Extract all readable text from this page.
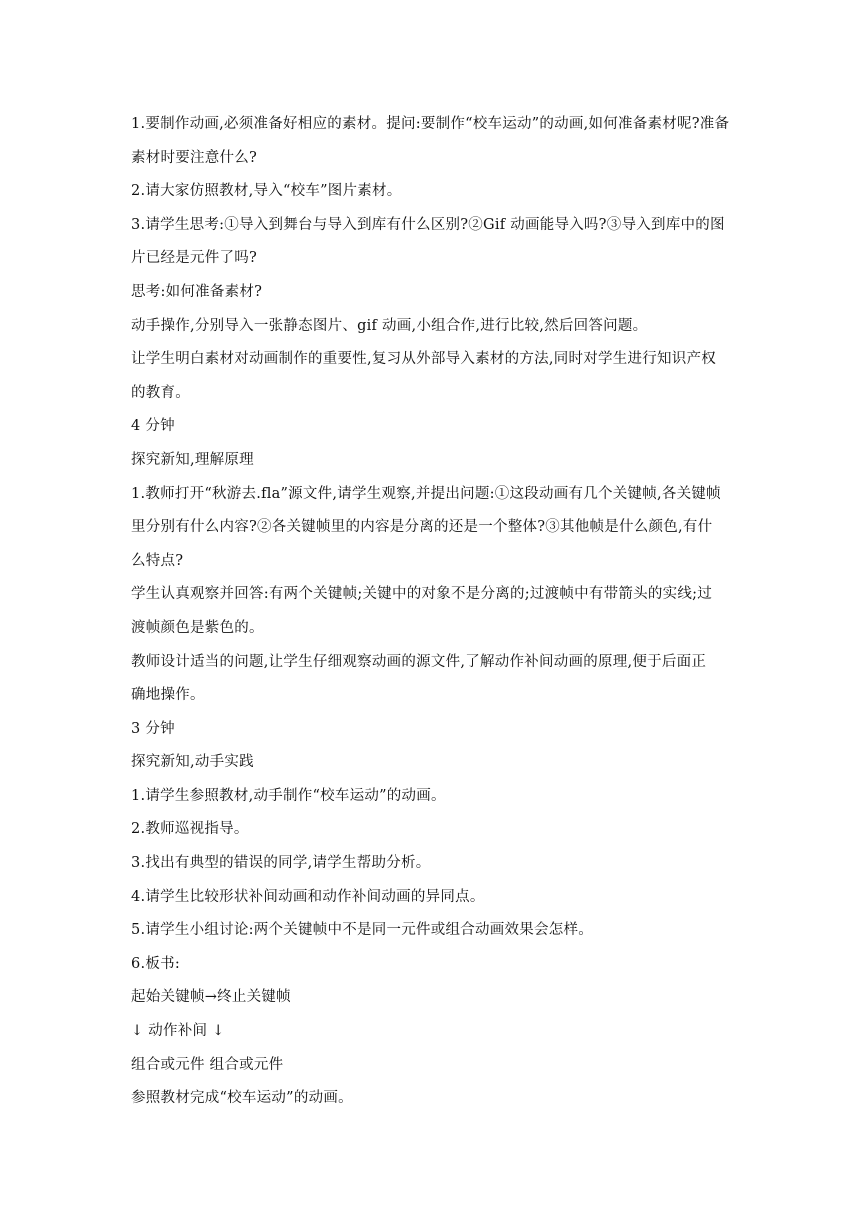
1.要制作动画,必须准备好相应的素材。提问:要制作“校车运动”的动画,如何准备素材呢?准备
素材时要注意什么?
2.请大家仿照教材,导入“校车”图片素材。
3.请学生思考:①导入到舞台与导入到库有什么区别?②Gif 动画能导入吗?③导入到库中的图
片已经是元件了吗?
思考:如何准备素材?
动手操作,分别导入一张静态图片、gif 动画,小组合作,进行比较,然后回答问题。
让学生明白素材对动画制作的重要性,复习从外部导入素材的方法,同时对学生进行知识产权
的教育。
4 分钟
探究新知,理解原理
1.教师打开“秋游去.fla”源文件,请学生观察,并提出问题:①这段动画有几个关键帧,各关键帧
里分别有什么内容?②各关键帧里的内容是分离的还是一个整体?③其他帧是什么颜色,有什
么特点?
学生认真观察并回答:有两个关键帧;关键中的对象不是分离的;过渡帧中有带箭头的实线;过
渡帧颜色是紫色的。
教师设计适当的问题,让学生仔细观察动画的源文件,了解动作补间动画的原理,便于后面正
确地操作。
3 分钟
探究新知,动手实践
1.请学生参照教材,动手制作“校车运动”的动画。
2.教师巡视指导。
3.找出有典型的错误的同学,请学生帮助分析。
4.请学生比较形状补间动画和动作补间动画的异同点。
5.请学生小组讨论:两个关键帧中不是同一元件或组合动画效果会怎样。
6.板书:
起始关键帧→终止关键帧
↓ 动作补间 ↓
组合或元件 组合或元件
参照教材完成“校车运动”的动画。
